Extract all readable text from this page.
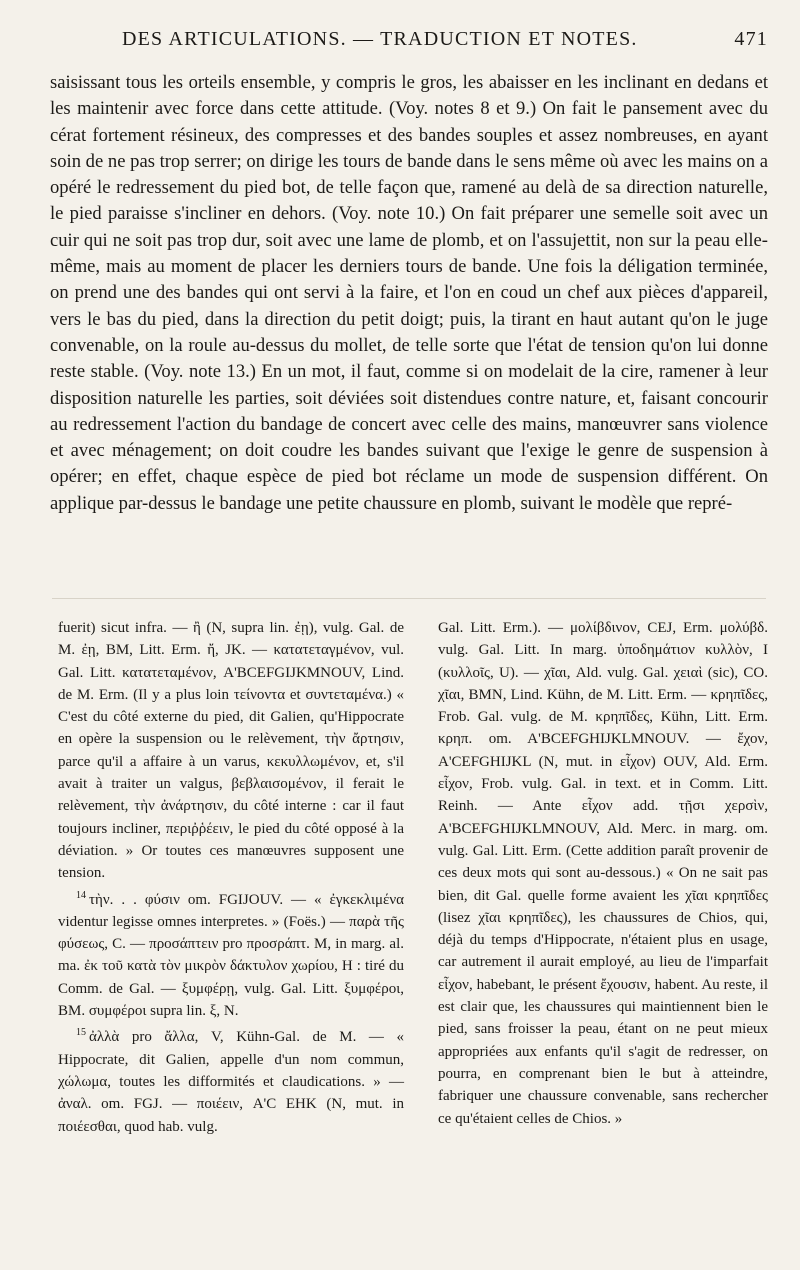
DES ARTICULATIONS. — TRADUCTION ET NOTES.	471

saisissant tous les orteils ensemble, y compris le gros, les abaisser en les inclinant en dedans et les maintenir avec force dans cette attitude. (Voy. notes 8 et 9.) On fait le pansement avec du cérat fortement résineux, des compresses et des bandes souples et assez nombreuses, en ayant soin de ne pas trop serrer; on dirige les tours de bande dans le sens même où avec les mains on a opéré le redressement du pied bot, de telle façon que, ramené au delà de sa direction naturelle, le pied paraisse s'incliner en dehors. (Voy. note 10.) On fait préparer une semelle soit avec un cuir qui ne soit pas trop dur, soit avec une lame de plomb, et on l'assujettit, non sur la peau elle-même, mais au moment de placer les derniers tours de bande. Une fois la déligation terminée, on prend une des bandes qui ont servi à la faire, et l'on en coud un chef aux pièces d'appareil, vers le bas du pied, dans la direction du petit doigt; puis, la tirant en haut autant qu'on le juge convenable, on la roule au-dessus du mollet, de telle sorte que l'état de tension qu'on lui donne reste stable. (Voy. note 13.) En un mot, il faut, comme si on modelait de la cire, ramener à leur disposition naturelle les parties, soit déviées soit distendues contre nature, et, faisant concourir au redressement l'action du bandage de concert avec celle des mains, manœuvrer sans violence et avec ménagement; on doit coudre les bandes suivant que l'exige le genre de suspension à opérer; en effet, chaque espèce de pied bot réclame un mode de suspension différent. On applique par-dessus le bandage une petite chaussure en plomb, suivant le modèle que repré-

fuerit) sicut infra. — ἢ (N, supra lin. ἐῃ), vulg. Gal. de M. ἐῃ, BM, Litt. Erm. ἤ, JK. — κατατεταγμένον, vul. Gal. Litt. κατατεταμένον, A'BCEFGIJKMNOUV, Lind. de M. Erm. (Il y a plus loin τείνοντα et συντεταμένα.) « C'est du côté externe du pied, dit Galien, qu'Hippocrate en opère la suspension ou le relèvement, τὴν ἄρτησιν, parce qu'il a affaire à un varus, κεκυλλωμένον, et, s'il avait à traiter un valgus, βεβλαισομένον, il ferait le relèvement, τὴν ἀνάρτησιν, du côté interne : car il faut toujours incliner, περιῤῥέειν, le pied du côté opposé à la déviation. » Or toutes ces manœuvres supposent une tension.

$^{14}$ τὴν. . . φύσιν om. FGIJOUV. — « ἐγκεκλιμένα videntur legisse omnes interpretes. » (Foës.) — παρὰ τῆς φύσεως, C. — προσάπτειν pro προσράπτ. M, in marg. al. ma. ἐκ τοῦ κατὰ τὸν μικρὸν δάκτυλον χωρίου, H : tiré du Comm. de Gal. — ξυμφέρῃ, vulg. Gal. Litt. ξυμφέροι, BM. συμφέροι supra lin. ξ, N.

$^{15}$ ἀλλὰ pro ἄλλα, V, Kühn-Gal. de M. — « Hippocrate, dit Galien, appelle d'un nom commun, χώλωμα, toutes les difformités et claudications. » — ἀναλ. om. FGJ. — ποιέειν, A'C EHK (N, mut. in ποιέεσθαι, quod hab. vulg.

Gal. Litt. Erm.). — μολίβδινον, CEJ, Erm. μολύβδ. vulg. Gal. Litt. In marg. ὑποδημάτιον κυλλὸν, I (κυλλοῖς, U). — χῖαι, Ald. vulg. Gal. χειαὶ (sic), CO. χῖαι, BMN, Lind. Kühn, de M. Litt. Erm. — κρηπῖδες, Frob. Gal. vulg. de M. κρηπῖδες, Kühn, Litt. Erm. κρηπ. om. A'BCEFGHIJKLMNOUV. — ἔχον, A'CEFGHIJKL (N, mut. in εἶχον) OUV, Ald. Erm. εἶχον, Frob. vulg. Gal. in text. et in Comm. Litt. Reinh. — Ante εἶχον add. τῇσι χερσὶν, A'BCEFGHIJKLMNOUV, Ald. Merc. in marg. om. vulg. Gal. Litt. Erm. (Cette addition paraît provenir de ces deux mots qui sont au-dessous.) « On ne sait pas bien, dit Gal. quelle forme avaient les χῖαι κρηπῖδες (lisez χῖαι κρηπῖδες), les chaussures de Chios, qui, déjà du temps d'Hippocrate, n'étaient plus en usage, car autrement il aurait employé, au lieu de l'imparfait εἶχον, habebant, le présent ἔχουσιν, habent. Au reste, il est clair que, les chaussures qui maintiennent bien le pied, sans froisser la peau, étant on ne peut mieux appropriées aux enfants qu'il s'agit de redresser, on pourra, en comprenant bien le but à atteindre, fabriquer une chaussure convenable, sans rechercher ce qu'étaient celles de Chios. »
